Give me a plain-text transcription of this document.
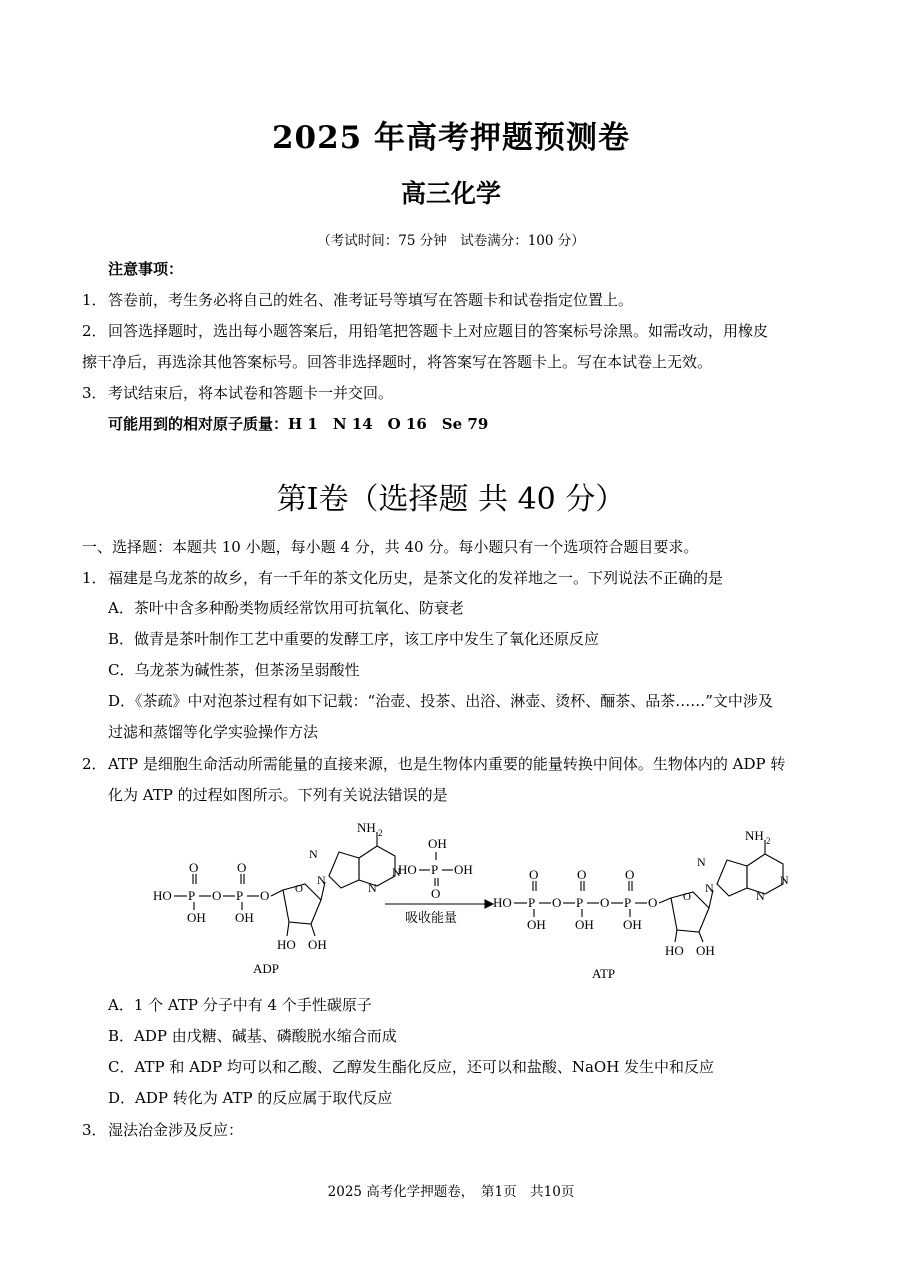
2025 年高考押题预测卷
高三化学
（考试时间：75 分钟　试卷满分：100 分）
注意事项：
1． 答卷前，考生务必将自己的姓名、准考证号等填写在答题卡和试卷指定位置上。
2． 回答选择题时，选出每小题答案后，用铅笔把答题卡上对应题目的答案标号涂黑。如需改动，用橡皮
擦干净后，再选涂其他答案标号。回答非选择题时，将答案写在答题卡上。写在本试卷上无效。
3． 考试结束后，将本试卷和答题卡一并交回。
可能用到的相对原子质量：H 1　N 14　O 16　Se 79
第I卷（选择题 共 40 分）
一、选择题：本题共 10 小题，每小题 4 分，共 40 分。每小题只有一个选项符合题目要求。
1． 福建是乌龙茶的故乡，有一千年的茶文化历史，是茶文化的发祥地之一。下列说法不正确的是
A．茶叶中含多种酚类物质经常饮用可抗氧化、防衰老
B．做青是茶叶制作工艺中重要的发酵工序，该工序中发生了氧化还原反应
C．乌龙茶为碱性茶，但茶汤呈弱酸性
D．《茶疏》中对泡茶过程有如下记载：“治壶、投茶、出浴、淋壶、烫杯、酾茶、品茶……”文中涉及
过滤和蒸馏等化学实验操作方法
2． ATP 是细胞生命活动所需能量的直接来源，也是生物体内重要的能量转换中间体。生物体内的 ADP 转
化为 ATP 的过程如图所示。下列有关说法错误的是
HO P
O
OH
O P
O
OH
O O
HO OH
N
N
N
N
NH 2
ADP
OH
HO P OH
O
吸收能量
HO P
O
OH
O P
O
OH
O P
O
OH
O O
HO OH
N
N
N
N
NH 2
ATP
A．1 个 ATP 分子中有 4 个手性碳原子
B．ADP 由戊糖、碱基、磷酸脱水缩合而成
C．ATP 和 ADP 均可以和乙酸、乙醇发生酯化反应，还可以和盐酸、NaOH 发生中和反应
D．ADP 转化为 ATP 的反应属于取代反应
3． 湿法冶金涉及反应：
2025 高考化学押题卷，　第1页　共10页
